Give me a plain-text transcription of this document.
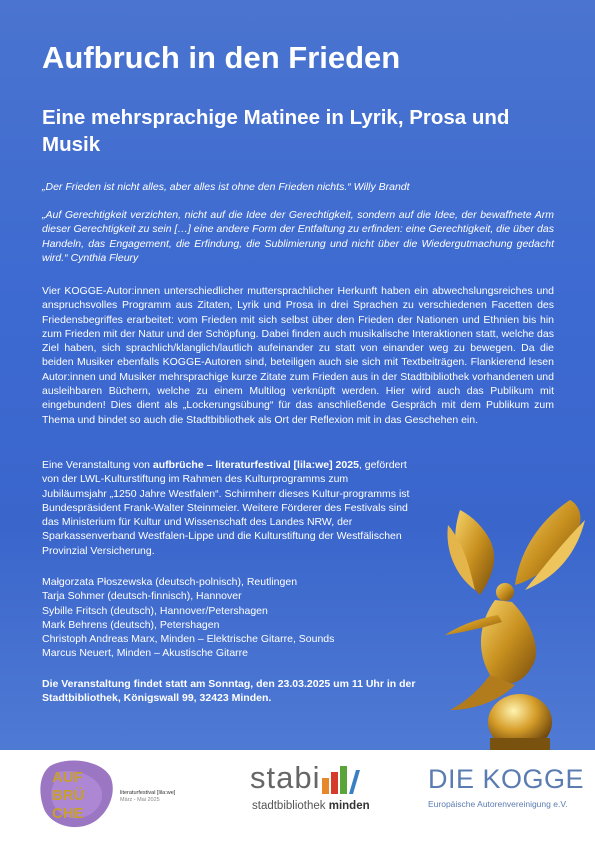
Aufbruch in den Frieden
Eine mehrsprachige Matinee in Lyrik, Prosa und Musik

„Der Frieden ist nicht alles, aber alles ist ohne den Frieden nichts.“ Willy Brandt

„Auf Gerechtigkeit verzichten, nicht auf die Idee der Gerechtigkeit, sondern auf die Idee, der bewaffnete Arm dieser Gerechtigkeit zu sein […] eine andere Form der Entfaltung zu erfinden: eine Gerechtigkeit, die über das Handeln, das Engagement, die Erfindung, die Sublimierung und nicht über die Wiedergutmachung gedacht wird.“ Cynthia Fleury

Vier KOGGE-Autor:innen unterschiedlicher muttersprachlicher Herkunft haben ein abwechslungsreiches und anspruchsvolles Programm aus Zitaten, Lyrik und Prosa in drei Sprachen zu verschiedenen Facetten des Friedensbegriffes erarbeitet: vom Frieden mit sich selbst über den Frieden der Nationen und Ethnien bis hin zum Frieden mit der Natur und der Schöpfung. Dabei finden auch musikalische Interaktionen statt, welche das Ziel haben, sich sprachlich/klanglich/lautlich aufeinander zu statt von einander weg zu bewegen. Da die beiden Musiker ebenfalls KOGGE-Autoren sind, beteiligen auch sie sich mit Textbeiträgen. Flankierend lesen Autor:innen und Musiker mehrsprachige kurze Zitate zum Frieden aus in der Stadtbibliothek vorhandenen und ausleihbaren Büchern, welche zu einem Multilog verknüpft werden. Hier wird auch das Publikum mit eingebunden! Dies dient als „Lockerungsübung“ für das anschließende Gespräch mit dem Publikum zum Thema und bindet so auch die Stadtbibliothek als Ort der Reflexion mit in das Geschehen ein.

Eine Veranstaltung von aufbrüche – literaturfestival [lila:we] 2025, gefördert von der LWL-Kulturstiftung im Rahmen des Kulturprogramms zum Jubiläumsjahr „1250 Jahre Westfalen“. Schirmherr dieses Kultur-programms ist Bundespräsident Frank-Walter Steinmeier. Weitere Förderer des Festivals sind das Ministerium für Kultur und Wissenschaft des Landes NRW, der Sparkassenverband Westfalen-Lippe und die Kulturstiftung der Westfälischen Provinzial Versicherung.

Małgorzata Płoszewska (deutsch-polnisch), Reutlingen
Tarja Sohmer (deutsch-finnisch), Hannover
Sybille Fritsch (deutsch), Hannover/Petershagen
Mark Behrens (deutsch), Petershagen
Christoph Andreas Marx, Minden – Elektrische Gitarre, Sounds
Marcus Neuert, Minden – Akustische Gitarre

Die Veranstaltung findet statt am Sonntag, den 23.03.2025 um 11 Uhr in der Stadtbibliothek, Königswall 99, 32423 Minden.

AUF
BRÜ
CHE
literaturfestival [lila:we]
März - Mai 2025
stabi
stadtbibliothek minden
DIE KOGGE
Europäische Autorenvereinigung e.V.
